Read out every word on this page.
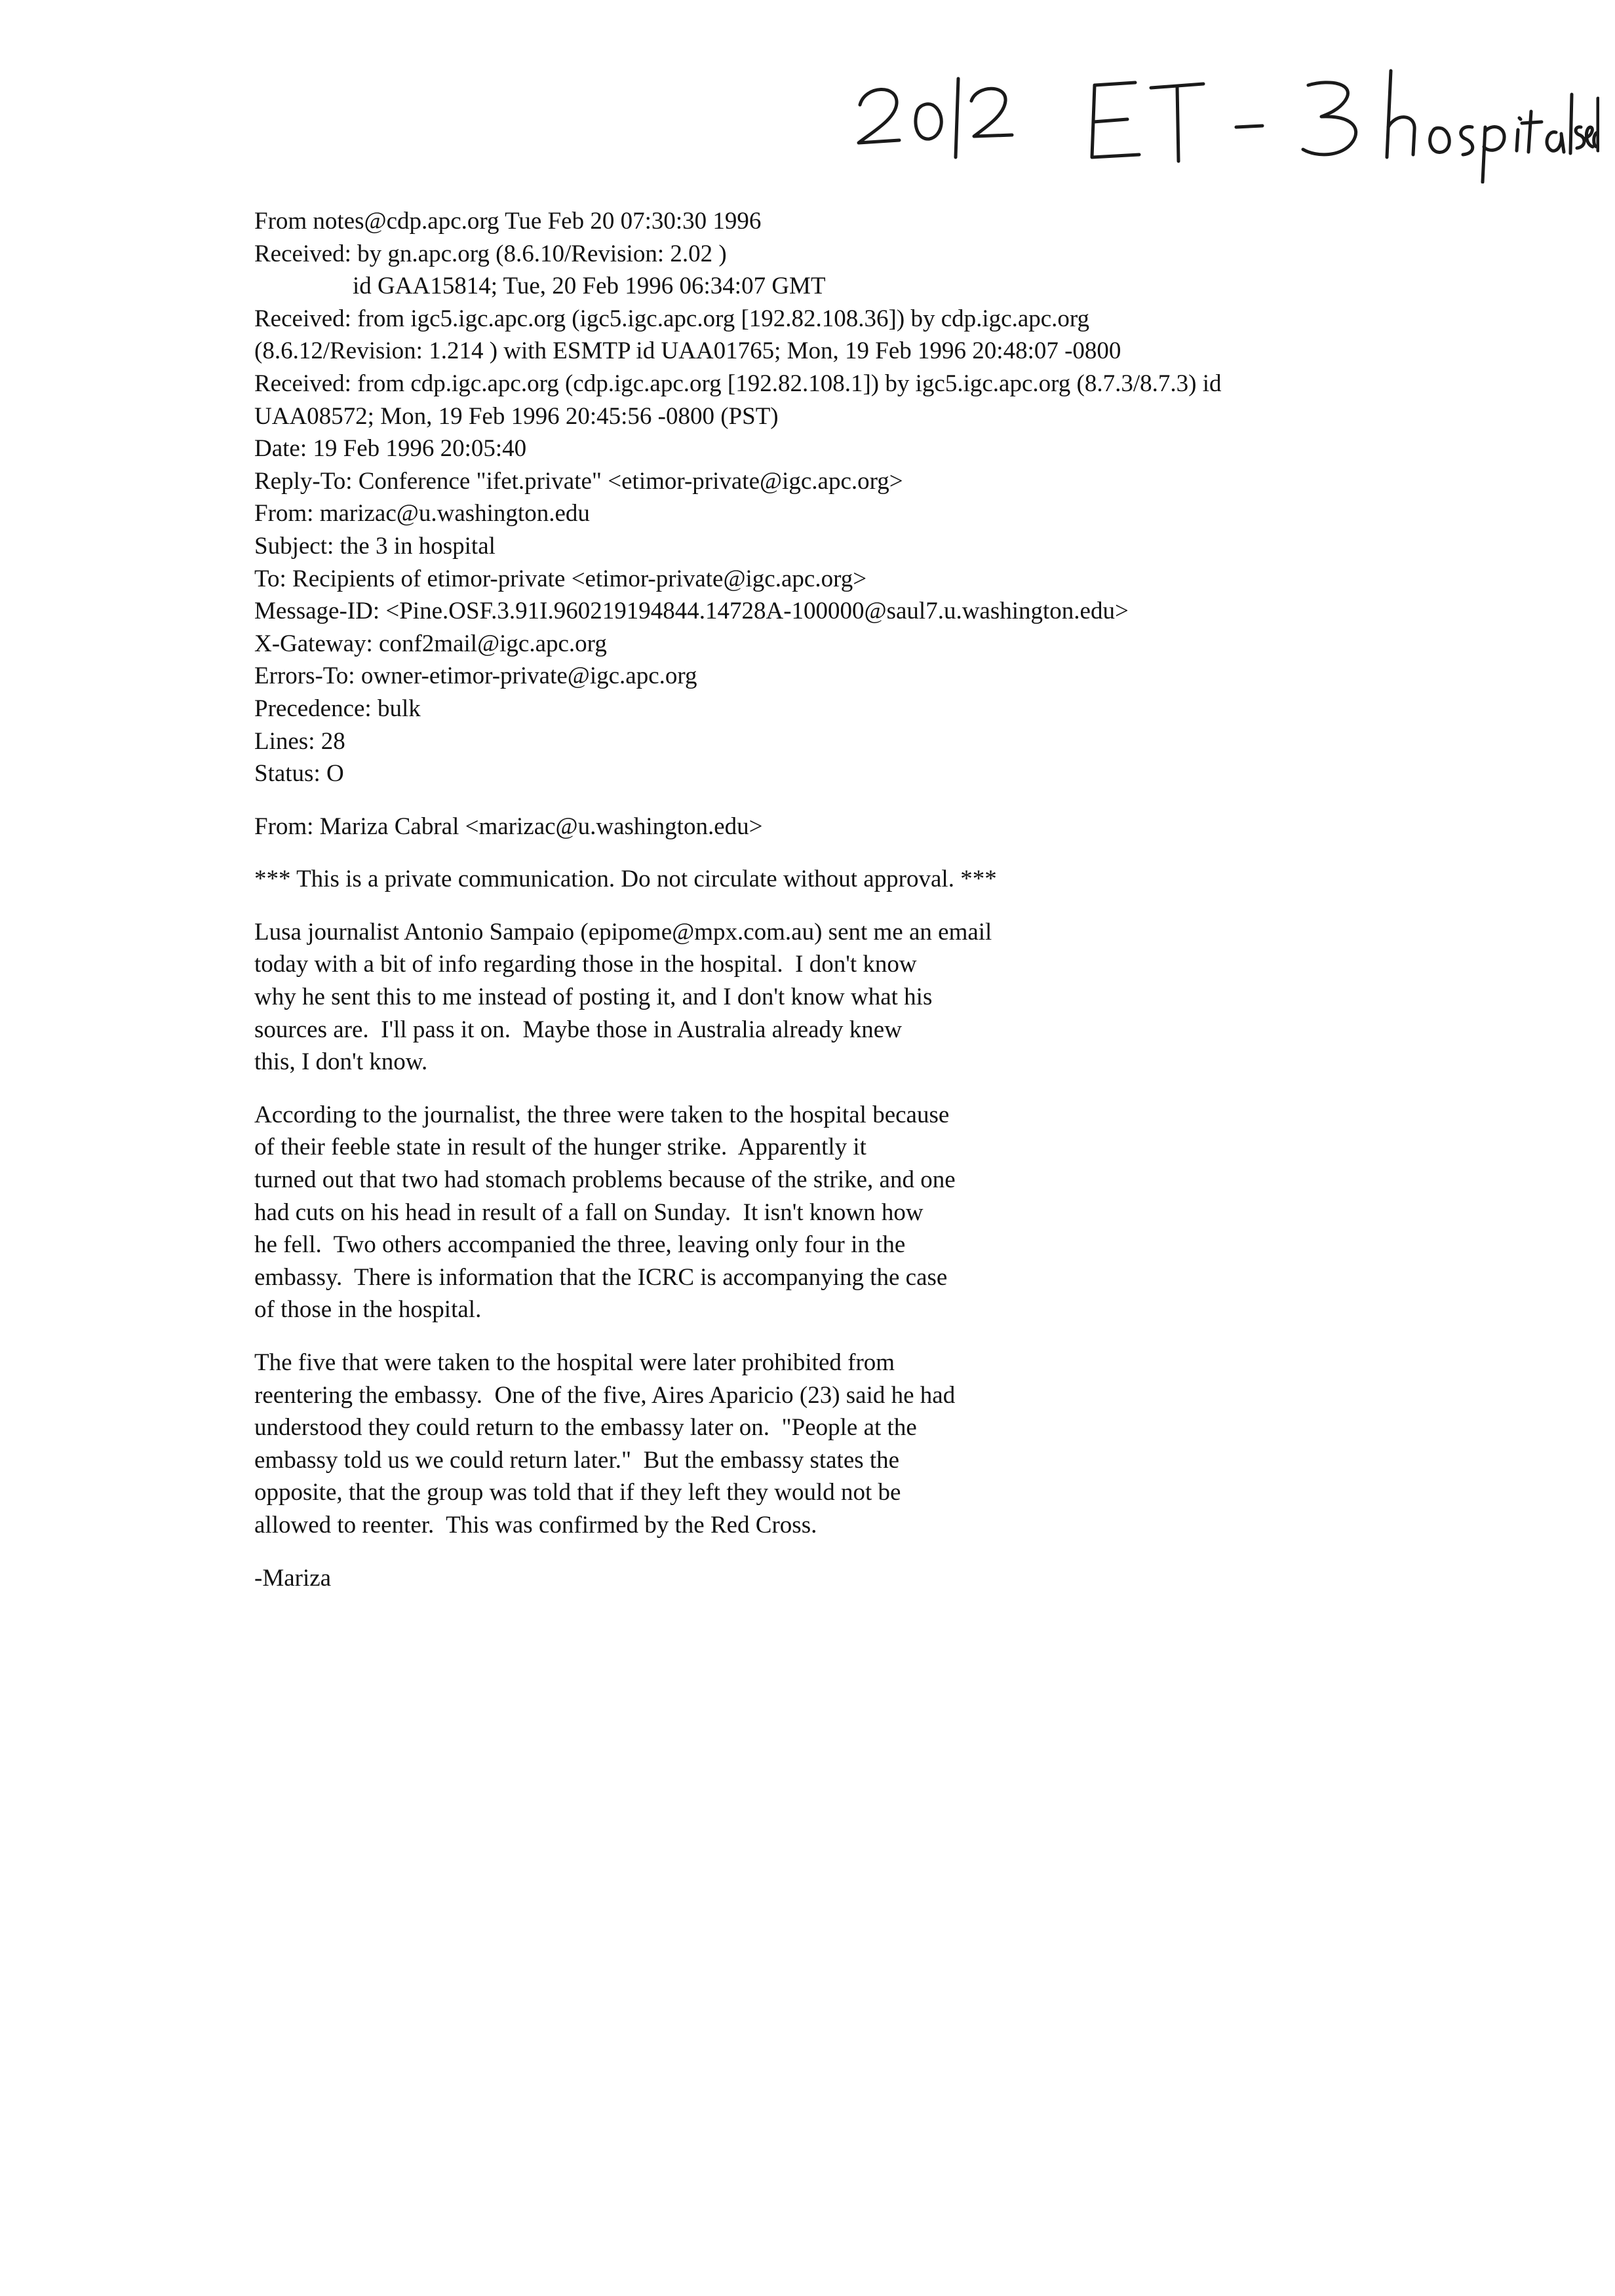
From notes@cdp.apc.org Tue Feb 20 07:30:30 1996
Received: by gn.apc.org (8.6.10/Revision: 2.02 )
id GAA15814; Tue, 20 Feb 1996 06:34:07 GMT
Received: from igc5.igc.apc.org (igc5.igc.apc.org [192.82.108.36]) by cdp.igc.apc.org
(8.6.12/Revision: 1.214 ) with ESMTP id UAA01765; Mon, 19 Feb 1996 20:48:07 -0800
Received: from cdp.igc.apc.org (cdp.igc.apc.org [192.82.108.1]) by igc5.igc.apc.org (8.7.3/8.7.3) id
UAA08572; Mon, 19 Feb 1996 20:45:56 -0800 (PST)
Date: 19 Feb 1996 20:05:40
Reply-To: Conference "ifet.private" <etimor-private@igc.apc.org>
From: marizac@u.washington.edu
Subject: the 3 in hospital
To: Recipients of etimor-private <etimor-private@igc.apc.org>
Message-ID: <Pine.OSF.3.91I.960219194844.14728A-100000@saul7.u.washington.edu>
X-Gateway: conf2mail@igc.apc.org
Errors-To: owner-etimor-private@igc.apc.org
Precedence: bulk
Lines: 28
Status: O
From: Mariza Cabral <marizac@u.washington.edu>
*** This is a private communication. Do not circulate without approval. ***

Lusa journalist Antonio Sampaio (epipome@mpx.com.au) sent me an email

today with a bit of info regarding those in the hospital.  I don't know

why he sent this to me instead of posting it, and I don't know what his

sources are.  I'll pass it on.  Maybe those in Australia already knew

this, I don't know.

According to the journalist, the three were taken to the hospital because

of their feeble state in result of the hunger strike.  Apparently it

turned out that two had stomach problems because of the strike, and one

had cuts on his head in result of a fall on Sunday.  It isn't known how

he fell.  Two others accompanied the three, leaving only four in the

embassy.  There is information that the ICRC is accompanying the case

of those in the hospital.

The five that were taken to the hospital were later prohibited from

reentering the embassy.  One of the five, Aires Aparicio (23) said he had

understood they could return to the embassy later on.  "People at the

embassy told us we could return later."  But the embassy states the

opposite, that the group was told that if they left they would not be

allowed to reenter.  This was confirmed by the Red Cross.

-Mariza
